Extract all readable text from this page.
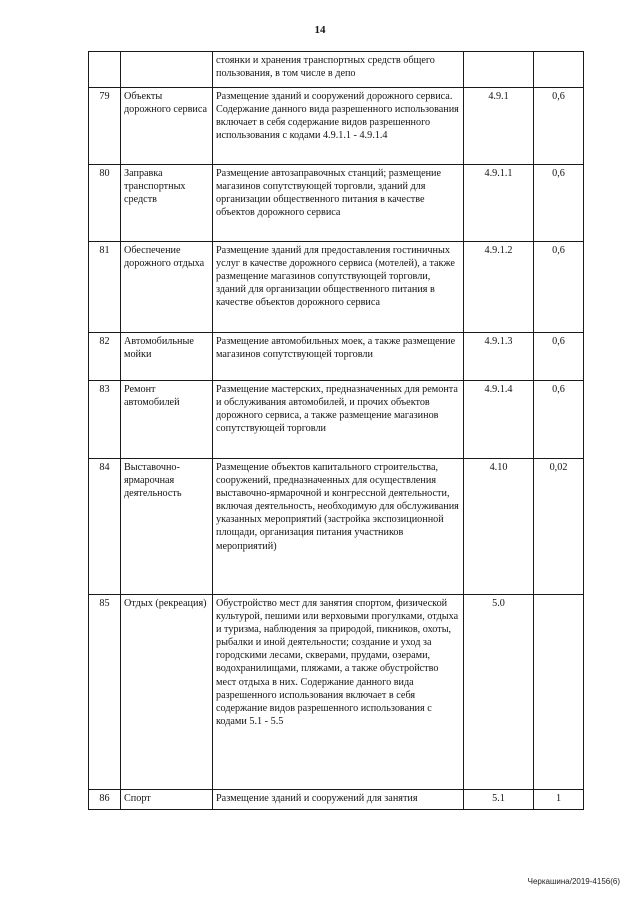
14
		стоянки и хранения транспортных средств общего пользования, в том числе в депо		
79	Объекты дорожного сервиса	Размещение зданий и сооружений дорожного сервиса. Содержание данного вида разрешенного использования включает в себя содержание видов разрешенного использования с кодами 4.9.1.1 - 4.9.1.4	4.9.1	0,6
80	Заправка транспортных средств	Размещение автозаправочных станций; размещение магазинов сопутствующей торговли, зданий для организации общественного питания в качестве объектов дорожного сервиса	4.9.1.1	0,6
81	Обеспечение дорожного отдыха	Размещение зданий для предоставления гостиничных услуг в качестве дорожного сервиса (мотелей), а также размещение магазинов сопутствующей торговли, зданий для организации общественного питания в качестве объектов дорожного сервиса	4.9.1.2	0,6
82	Автомобильные мойки	Размещение автомобильных моек, а также размещение магазинов сопутствующей торговли	4.9.1.3	0,6
83	Ремонт автомобилей	Размещение мастерских, предназначенных для ремонта и обслуживания автомобилей, и прочих объектов дорожного сервиса, а также размещение магазинов сопутствующей торговли	4.9.1.4	0,6
84	Выставочно-ярмарочная деятельность	Размещение объектов капитального строительства, сооружений, предназначенных для осуществления выставочно-ярмарочной и конгрессной деятельности, включая деятельность, необходимую для обслуживания указанных мероприятий (застройка экспозиционной площади, организация питания участников мероприятий)	4.10	0,02
85	Отдых (рекреация)	Обустройство мест для занятия спортом, физической культурой, пешими или верховыми прогулками, отдыха и туризма, наблюдения за природой, пикников, охоты, рыбалки и иной деятельности; создание и уход за городскими лесами, скверами, прудами, озерами, водохранилищами, пляжами, а также обустройство мест отдыха в них. Содержание данного вида разрешенного использования включает в себя содержание видов разрешенного использования с кодами 5.1 - 5.5	5.0	
86	Спорт	Размещение зданий и сооружений для занятия	5.1	1
Черкашина/2019-4156(6)
